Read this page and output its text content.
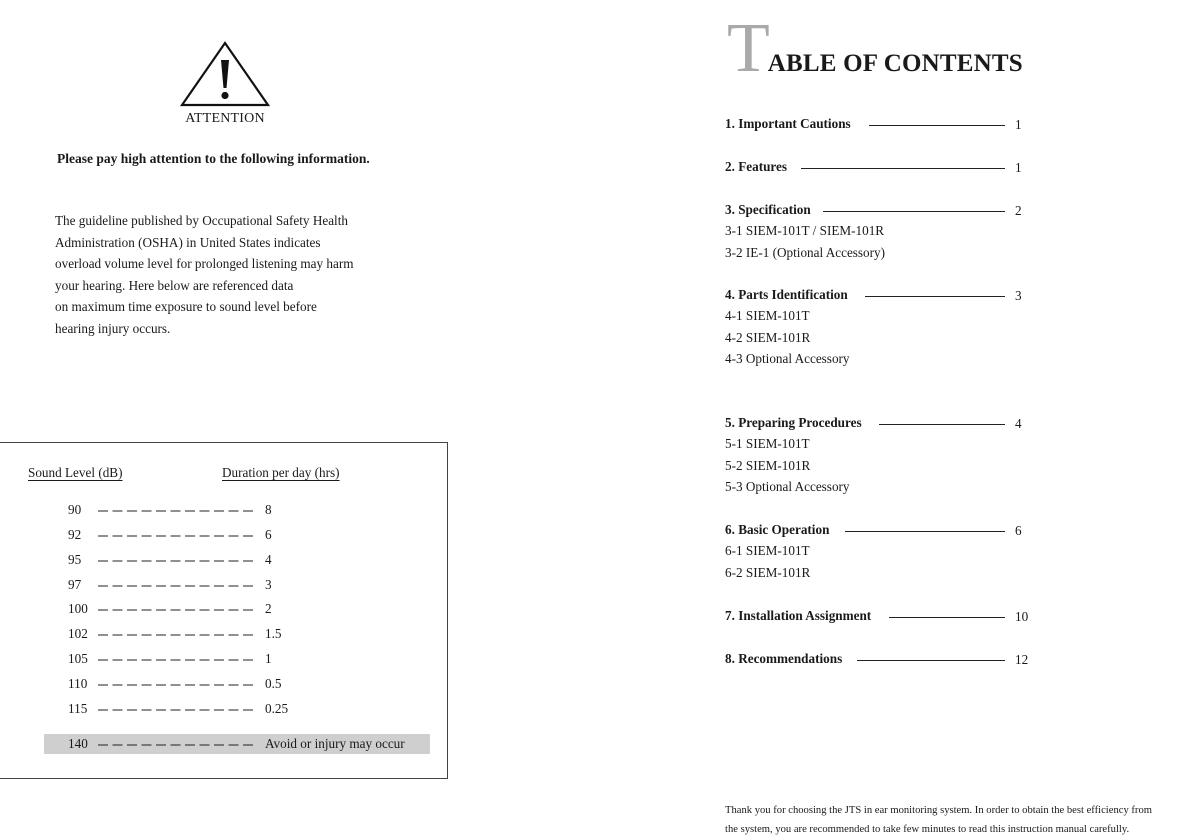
ATTENTION
Please pay high attention to the following information.
The guideline published by Occupational Safety Health
Administration (OSHA) in United States indicates
overload volume level for prolonged listening may harm
your hearing. Here below are referenced data
on maximum time exposure to sound level before
hearing injury occurs.
Sound Level (dB)	Duration per day (hrs)
90	8
92	6
95	4
97	3
100	2
102	1.5
105	1
110	0.5
115	0.25
140	Avoid or injury may occur
TABLE OF CONTENTS
1. Important Cautions	1
2. Features	1
3. Specification	2
3-1 SIEM-101T / SIEM-101R
3-2 IE-1 (Optional Accessory)
4. Parts Identification	3
4-1 SIEM-101T
4-2 SIEM-101R
4-3 Optional Accessory
5. Preparing Procedures	4
5-1 SIEM-101T
5-2 SIEM-101R
5-3 Optional Accessory
6. Basic Operation	6
6-1 SIEM-101T
6-2 SIEM-101R
7. Installation Assignment	10
8. Recommendations	12
Thank you for choosing the JTS in ear monitoring system. In order to obtain the best efficiency from
the system, you are recommended to take few minutes to read this instruction manual carefully.
